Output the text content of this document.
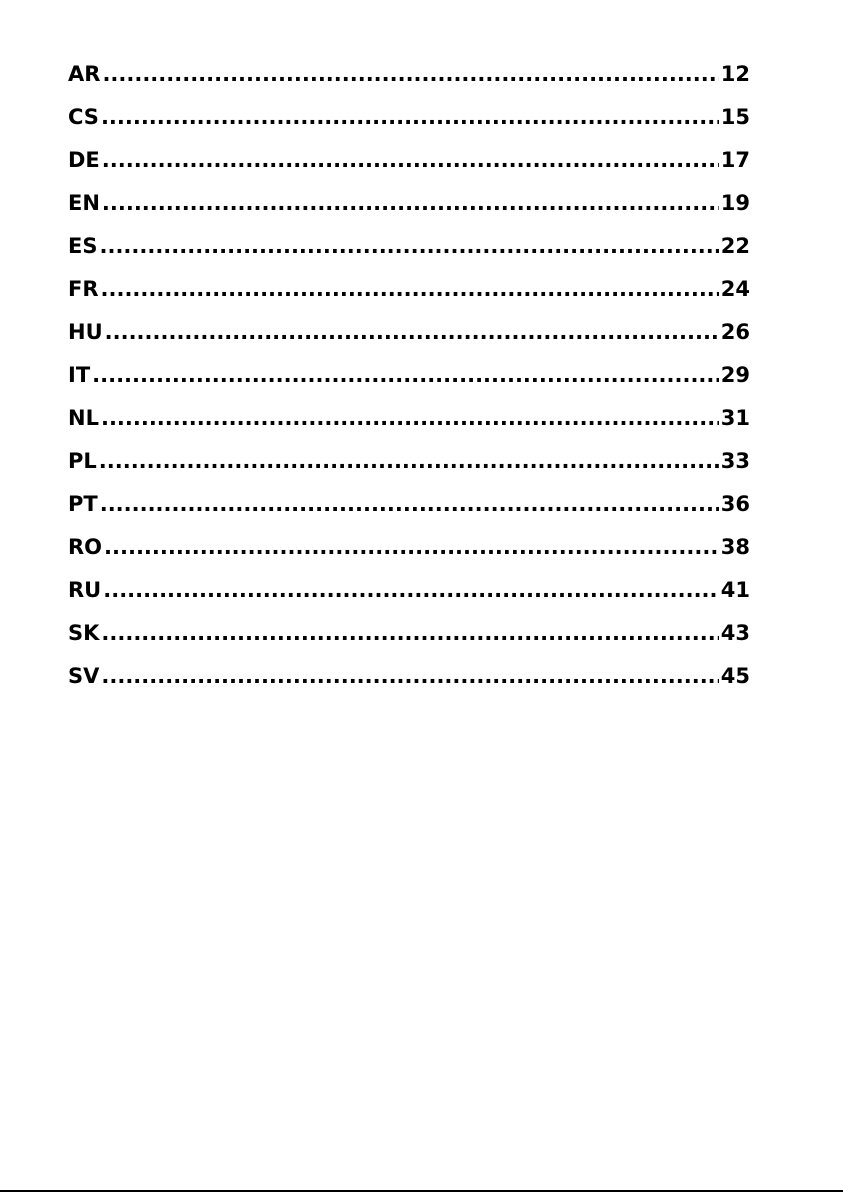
AR .....	12
CS .....	15
DE .....	17
EN .....	19
ES .....	22
FR .....	24
HU .....	26
IT .....	29
NL .....	31
PL .....	33
PT .....	36
RO .....	38
RU .....	41
SK .....	43
SV .....	45
